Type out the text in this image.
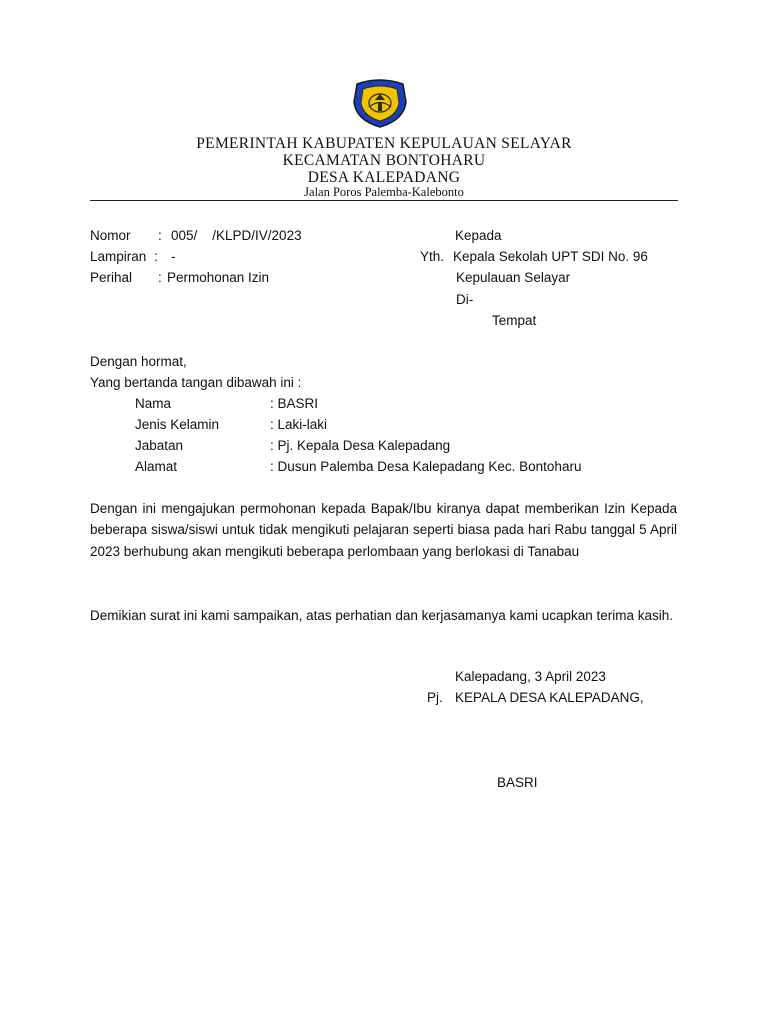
PEMERINTAH KABUPATEN KEPULAUAN SELAYAR
KECAMATAN BONTOHARU
DESA KALEPADANG
Jalan Poros Palemba-Kalebonto
Nomor : 005/    /KLPD/IV/2023
Lampiran : -
Perihal : Permohonan Izin
Kepada
Yth. Kepala Sekolah UPT SDI No. 96
Kepulauan Selayar
Di-
Tempat
Dengan hormat,
Yang bertanda tangan dibawah ini :
Nama	: BASRI
Jenis Kelamin	: Laki-laki
Jabatan	: Pj. Kepala Desa Kalepadang
Alamat	: Dusun Palemba Desa Kalepadang Kec. Bontoharu

Dengan ini mengajukan permohonan kepada Bapak/Ibu kiranya dapat memberikan Izin Kepada beberapa siswa/siswi untuk tidak mengikuti pelajaran seperti biasa pada hari Rabu tanggal 5 April 2023 berhubung akan mengikuti beberapa perlombaan yang berlokasi di Tanabau

Demikian surat ini kami sampaikan, atas perhatian dan kerjasamanya kami ucapkan terima kasih.

Kalepadang, 3 April 2023
Pj. KEPALA DESA KALEPADANG,
BASRI
